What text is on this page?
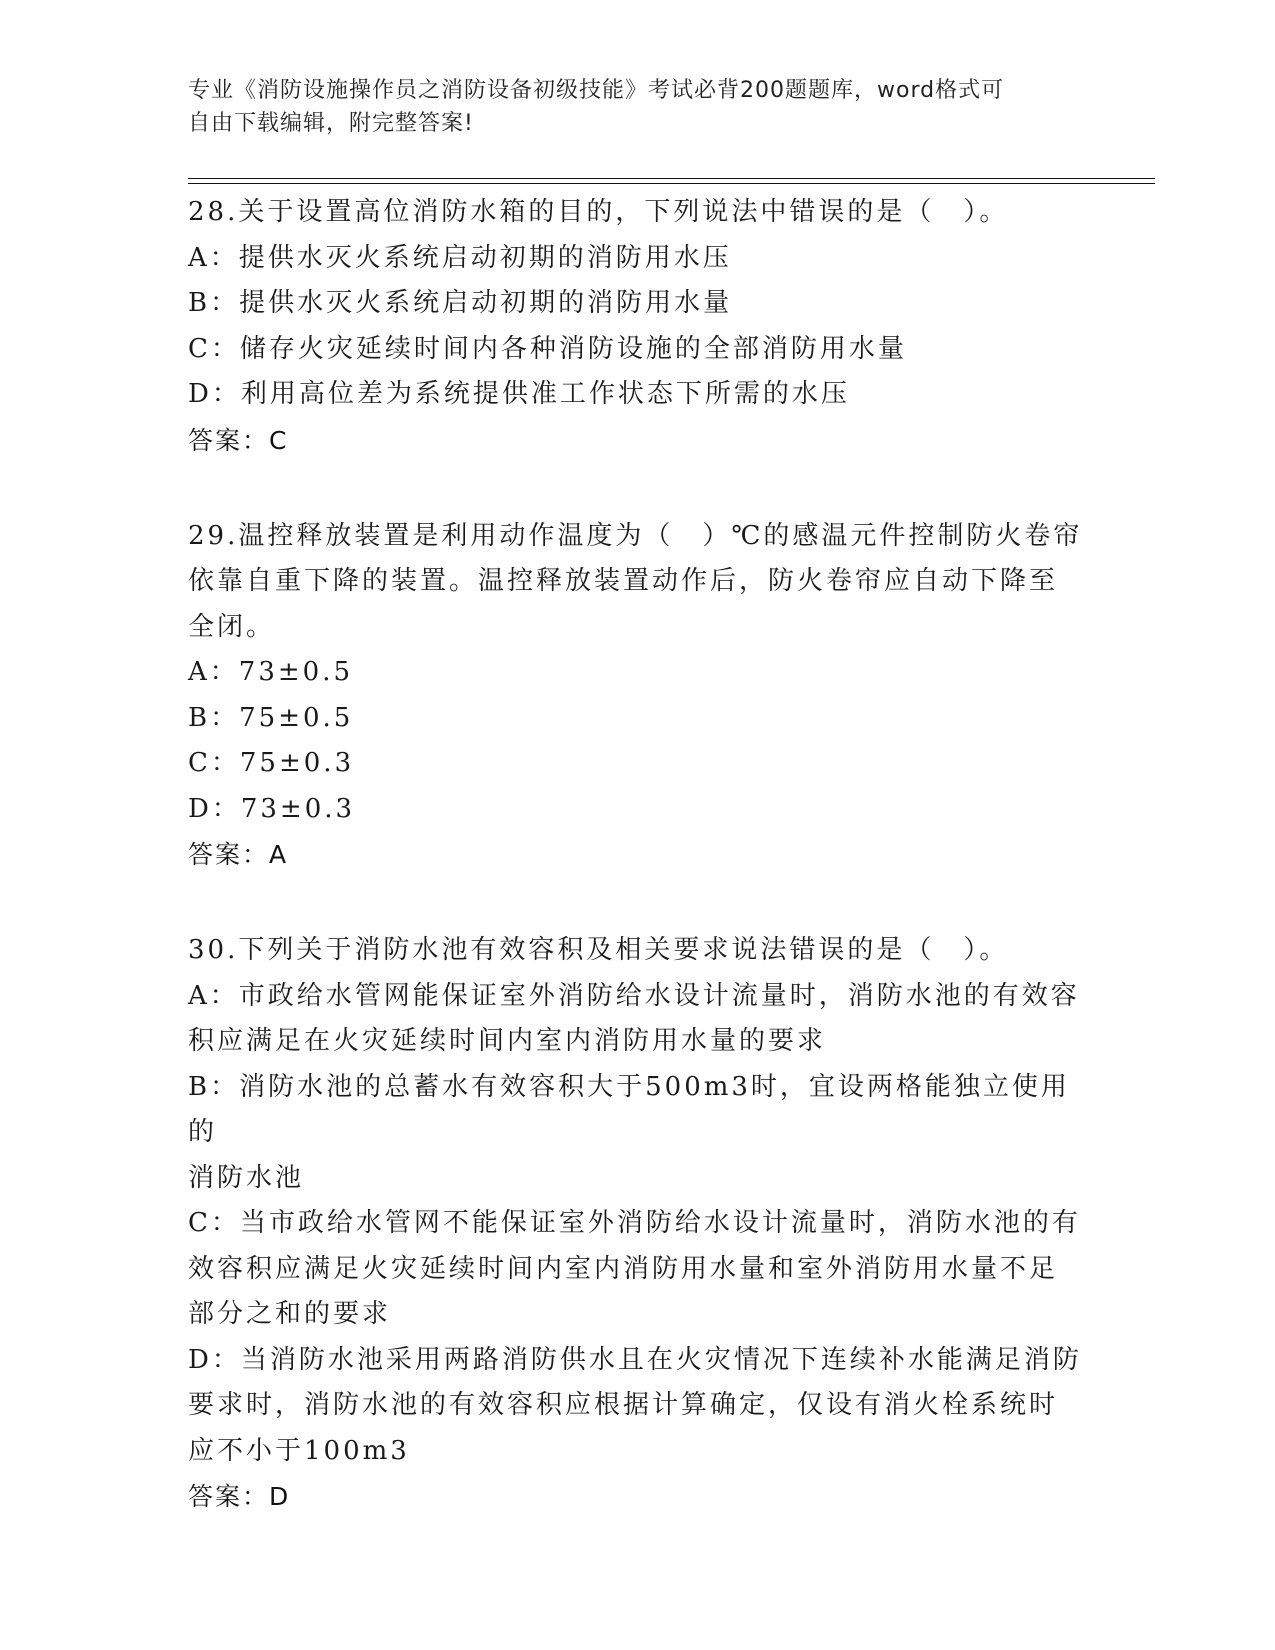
专业《消防设施操作员之消防设备初级技能》考试必背200题题库，word格式可
自由下载编辑，附完整答案!
28.关于设置高位消防水箱的目的，下列说法中错误的是（　）。
A：提供水灭火系统启动初期的消防用水压
B：提供水灭火系统启动初期的消防用水量
C：储存火灾延续时间内各种消防设施的全部消防用水量
D：利用高位差为系统提供准工作状态下所需的水压
答案：C
29.温控释放装置是利用动作温度为（　）℃的感温元件控制防火卷帘
依靠自重下降的装置。温控释放装置动作后，防火卷帘应自动下降至
全闭。
A：73±0.5
B：75±0.5
C：75±0.3
D：73±0.3
答案：A
30.下列关于消防水池有效容积及相关要求说法错误的是（　）。
A：市政给水管网能保证室外消防给水设计流量时，消防水池的有效容
积应满足在火灾延续时间内室内消防用水量的要求
B：消防水池的总蓄水有效容积大于500m3时，宜设两格能独立使用的
消防水池
C：当市政给水管网不能保证室外消防给水设计流量时，消防水池的有
效容积应满足火灾延续时间内室内消防用水量和室外消防用水量不足
部分之和的要求
D：当消防水池采用两路消防供水且在火灾情况下连续补水能满足消防
要求时，消防水池的有效容积应根据计算确定，仅设有消火栓系统时
应不小于100m3
答案：D
